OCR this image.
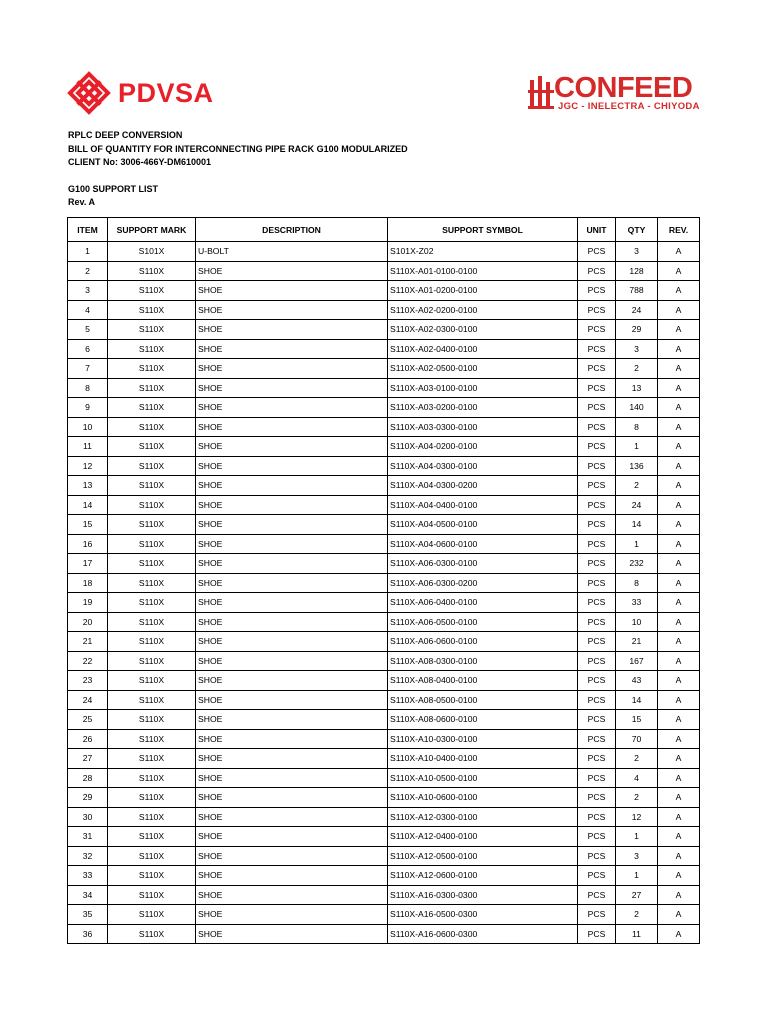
PDVSA	CONFEED
JGC - INELECTRA - CHIYODA
RPLC DEEP CONVERSION
BILL OF QUANTITY FOR INTERCONNECTING PIPE RACK G100 MODULARIZED
CLIENT No: 3006-466Y-DM610001
G100 SUPPORT LIST
Rev. A
ITEM	SUPPORT MARK	DESCRIPTION	SUPPORT SYMBOL	UNIT	QTY	REV.
1	S101X	U-BOLT	S101X-Z02	PCS	3	A
2	S110X	SHOE	S110X-A01-0100-0100	PCS	128	A
3	S110X	SHOE	S110X-A01-0200-0100	PCS	788	A
4	S110X	SHOE	S110X-A02-0200-0100	PCS	24	A
5	S110X	SHOE	S110X-A02-0300-0100	PCS	29	A
6	S110X	SHOE	S110X-A02-0400-0100	PCS	3	A
7	S110X	SHOE	S110X-A02-0500-0100	PCS	2	A
8	S110X	SHOE	S110X-A03-0100-0100	PCS	13	A
9	S110X	SHOE	S110X-A03-0200-0100	PCS	140	A
10	S110X	SHOE	S110X-A03-0300-0100	PCS	8	A
11	S110X	SHOE	S110X-A04-0200-0100	PCS	1	A
12	S110X	SHOE	S110X-A04-0300-0100	PCS	136	A
13	S110X	SHOE	S110X-A04-0300-0200	PCS	2	A
14	S110X	SHOE	S110X-A04-0400-0100	PCS	24	A
15	S110X	SHOE	S110X-A04-0500-0100	PCS	14	A
16	S110X	SHOE	S110X-A04-0600-0100	PCS	1	A
17	S110X	SHOE	S110X-A06-0300-0100	PCS	232	A
18	S110X	SHOE	S110X-A06-0300-0200	PCS	8	A
19	S110X	SHOE	S110X-A06-0400-0100	PCS	33	A
20	S110X	SHOE	S110X-A06-0500-0100	PCS	10	A
21	S110X	SHOE	S110X-A06-0600-0100	PCS	21	A
22	S110X	SHOE	S110X-A08-0300-0100	PCS	167	A
23	S110X	SHOE	S110X-A08-0400-0100	PCS	43	A
24	S110X	SHOE	S110X-A08-0500-0100	PCS	14	A
25	S110X	SHOE	S110X-A08-0600-0100	PCS	15	A
26	S110X	SHOE	S110X-A10-0300-0100	PCS	70	A
27	S110X	SHOE	S110X-A10-0400-0100	PCS	2	A
28	S110X	SHOE	S110X-A10-0500-0100	PCS	4	A
29	S110X	SHOE	S110X-A10-0600-0100	PCS	2	A
30	S110X	SHOE	S110X-A12-0300-0100	PCS	12	A
31	S110X	SHOE	S110X-A12-0400-0100	PCS	1	A
32	S110X	SHOE	S110X-A12-0500-0100	PCS	3	A
33	S110X	SHOE	S110X-A12-0600-0100	PCS	1	A
34	S110X	SHOE	S110X-A16-0300-0300	PCS	27	A
35	S110X	SHOE	S110X-A16-0500-0300	PCS	2	A
36	S110X	SHOE	S110X-A16-0600-0300	PCS	11	A
